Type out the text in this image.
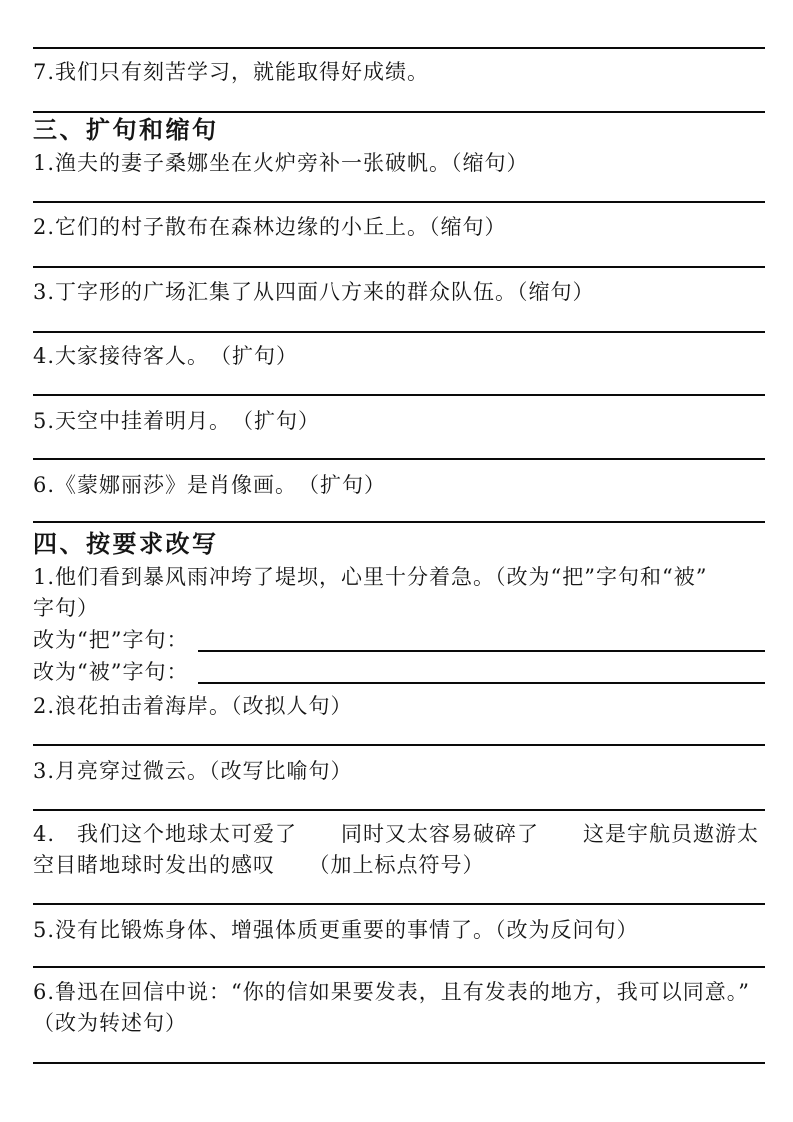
7.我们只有刻苦学习，就能取得好成绩。
三、扩句和缩句
1.渔夫的妻子桑娜坐在火炉旁补一张破帆。（缩句）
2.它们的村子散布在森林边缘的小丘上。（缩句）
3.丁字形的广场汇集了从四面八方来的群众队伍。（缩句）
4.大家接待客人。　（扩句）
5.天空中挂着明月。　（扩句）
6.《蒙娜丽莎》是肖像画。　（扩句）
四、按要求改写
1.他们看到暴风雨冲垮了堤坝，心里十分着急。（改为“把”字句和“被”
字句）
改为“把”字句：
改为“被”字句：
2.浪花拍击着海岸。（改拟人句）
3.月亮穿过微云。（改写比喻句）
4.　我们这个地球太可爱了　　同时又太容易破碎了　　这是宇航员遨游太
空目睹地球时发出的感叹　　（加上标点符号）
5.没有比锻炼身体、增强体质更重要的事情了。（改为反问句）
6.鲁迅在回信中说：“你的信如果要发表，且有发表的地方，我可以同意。”
（改为转述句）
